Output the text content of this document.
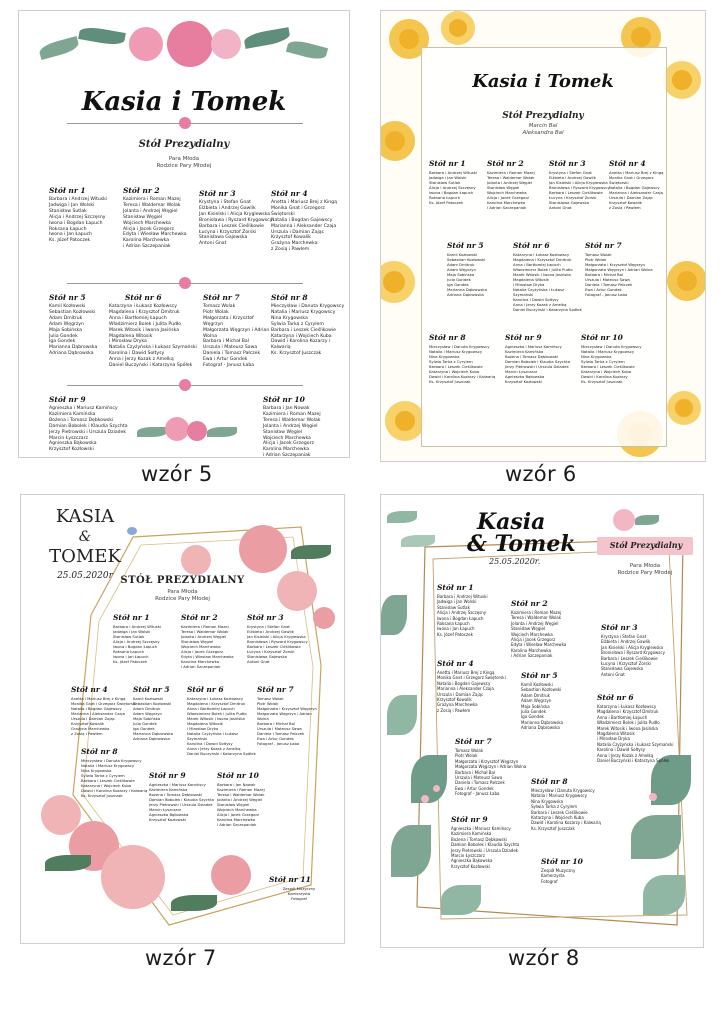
Kasia i Tomek
Stół Prezydialny
Para Młoda
Rodzice Pary Młodej
Stół nr 1
Barbara i Andrzej Wituski
Jadwiga i Jan Wolski
Stanisław Sutlak
Alicja i Andrzej Szczęsny
Iwona i Bogdan Łapuch
Roksana Łapuch
Iwona i Jan Łapuch
Ks. Józef Patoczek
Stół nr 2
Kazimiera i Roman Mazej
Teresa i Waldemar Wolak
Jolanta i Andrzej Węgiel
Stanisław Węgiel
Wojciech Marchewka
Alicja i Jacek Grzegorz
Edyta i Wiesław Marchewka
Karolina Marchewka
i Adrian Szczepaniak
Stół nr 3
Krystyna i Stefan Gnat
Elżbieta i Andrzej Gawlik
Jan Kisielski i Alicja Kryglewska
Bronisława i Ryszard Krygowscy
Barbara i Leszek Cieślikowie
Łucyna i Krzysztof Zorski
Stanisława Gajewska
Antoni Gnat
Stół nr 4
Anetta i Mariusz Brej z Kingą
Monika Gnat i Grzegorz Świętorski
Natalia i Bogdan Gajewscy
Marianna i Aleksander Czaja
Urszula i Damian Zając
Krzysztof Kowalik
Grażyna Marchewka
z Zosią i Pawłem
Stół nr 5
Kamil Kozłowski
Sebastian Kozłowski
Adam Dmitruk
Adam Węgrzyn
Maja Sobińska
Julia Gondek
Iga Gondek
Marianna Dąbrowska
Adriana Dąbrowska
Stół nr 6
Katarzyna i Łukasz Kozłowscy
Magdalena i Krzysztof Dmitruk
Anna i Bartłomiej Łapuch
Władzimierz Bolek i Julita Pudło
Marek Witosik i Iwona Jasińska
Magdalena Witosik
i Mirosław Dryka
Natalia Czyżyńska i Łukasz Szymański
Karolina i Dawid Sołtysy
Anna i Jerzy Kozak z Amelką
Daniel Buczyński i Katarzyna Spółek
Stół nr 7
Tomasz Wolak
Piotr Wolak
Małgorzata i Krzysztof Węgrzyn
Małgorzata Węgrzyn i Adrian Wolna
Barbara i Michał Bal
Urszula i Mateusz Sawa
Daniela i Tomasz Pałczek
Ewa i Artur Gondek
Fotograf - Janusz Łaba
Stół nr 8
Mieczysław i Danuta Krygowscy
Natalia i Mariusz Krygowscy
Nina Krygowska
Sylwia Tarka z Cyrylem
Barbara i Leszek Cieślikowie
Katarzyna i Wojciech Kuba
Dawid i Karolina Kozarzy i Kalwarią
Ks. Krzysztof Juszczak
Stół nr 9
Agnieszka i Mariusz Kamińscy
Kazimiera Kamińska
Bożena i Tomasz Dębkowski
Damian Bobolek i Klaudia Szychta
Jerzy Pietrowski i Urszula Dziadek
Marcin Łyszczarz
Agnieszka Bąkowska
Krzysztof Kozłowski
Stół nr 10
Barbara i Jan Nowak
Kazimiera i Roman Mazej
Teresa i Waldemar Wolak
Jolanta i Andrzej Węgiel
Stanisław Węgiel
Wojciech Marchewka
Alicja i Jacek Grzegorz
Karolina Marchewka
i Adrian Szczepaniak
wzór 5
Kasia i Tomek
Stół Prezydialny
Marcin Bal
Aleksandra Bal
Stół nr 1
Barbara i Andrzej Wituski
Jadwiga i Jan Wolski
Stanisław Sutlak
Alicja i Andrzej Szczęsny
Iwona i Bogdan Łapuch
Roksana Łapuch
Ks. Józef Patoczek
Stół nr 2
Kazimiera i Roman Mazej
Teresa i Waldemar Wolak
Jolanta i Andrzej Węgiel
Stanisław Węgiel
Wojciech Marchewka
Alicja i Jacek Grzegorz
Karolina Marchewka
i Adrian Szczepaniak
Stół nr 3
Krystyna i Stefan Gnat
Elżbieta i Andrzej Gawlik
Jan Kisielski i Alicja Kryglewska
Bronisława i Ryszard Krygowscy
Barbara i Leszek Cieślikowie
Łucyna i Krzysztof Zorski
Stanisława Gajewska
Antoni Gnat
Stół nr 4
Anetta i Mariusz Brej z Kingą
Monika Gnat i Grzegorz Świętorski
Natalia i Bogdan Gajewscy
Marianna i Aleksander Czaja
Urszula i Damian Zając
Krzysztof Kowalik
z Zosią i Pawłem
Stół nr 5
Kamil Kozłowski
Sebastian Kozłowski
Adam Dmitruk
Adam Węgrzyn
Maja Sobińska
Julia Gondek
Iga Gondek
Marianna Dąbrowska
Adriana Dąbrowska
Stół nr 6
Katarzyna i Łukasz Kozłowscy
Magdalena i Krzysztof Dmitruk
Anna i Bartłomiej Łapuch
Władzimierz Bolek i Julita Pudło
Marek Witosik i Iwona Jasińska
Magdalena Witosik
i Mirosław Dryka
Natalia Czyżyńska i Łukasz Szymański
Karolina i Dawid Sołtysy
Anna i Jerzy Kozak z Amelką
Daniel Buczyński i Katarzyna Spółek
Stół nr 7
Tomasz Wolak
Piotr Wolak
Małgorzata i Krzysztof Węgrzyn
Małgorzata Węgrzyn i Adrian Wolna
Barbara i Michał Bal
Urszula i Mateusz Sawa
Daniela i Tomasz Pałczek
Ewa i Artur Gondek
Fotograf - Janusz Łaba
Stół nr 8
Mieczysław i Danuta Krygowscy
Natalia i Mariusz Krygowscy
Nina Krygowska
Sylwia Tarka z Cyrylem
Barbara i Leszek Cieślikowie
Katarzyna i Wojciech Kuba
Dawid i Karolina Kozarzy i Kalwarią
Ks. Krzysztof Juszczak
Stół nr 9
Agnieszka i Mariusz Kamińscy
Kazimiera Kamińska
Bożena i Tomasz Dębkowski
Damian Bobolek i Klaudia Szychta
Jerzy Pietrowski i Urszula Dziadek
Marcin Łyszczarz
Agnieszka Bąkowska
Krzysztof Kozłowski
Stół nr 10
Mieczysław i Danuta Krygowscy
Natalia i Mariusz Krygowscy
Nina Krygowska
Sylwia Tarka z Cyrylem
Barbara i Leszek Cieślikowie
Katarzyna i Wojciech Kuba
Dawid i Karolina Kozarzy
Ks. Krzysztof Juszczak
wzór 6
KASIA
&
TOMEK
25.05.2020r STÓŁ PREZYDIALNY
Para Młoda
Rodzice Pary Młodej
Stół nr 1
Barbara i Andrzej Wituski
Jadwiga i Jan Wolski
Stanisław Sutlak
Alicja i Andrzej Szczęsny
Iwona i Bogdan Łapuch
Roksana Łapuch
Iwona i Jan Łapuch
Ks. Józef Patoczek
Stół nr 2
Kazimiera i Roman Mazej
Teresa i Waldemar Wolak
Jolanta i Andrzej Węgiel
Stanisław Węgiel
Wojciech Marchewka
Alicja i Jacek Grzegorz
Edyta i Wiesław Marchewka
Karolina Marchewka
i Adrian Szczepaniak
Stół nr 3
Krystyna i Stefan Gnat
Elżbieta i Andrzej Gawlik
Jan Kisielski i Alicja Kryglewska
Bronisława i Ryszard Krygowscy
Barbara i Leszek Cieślikowie
Łucyna i Krzysztof Zorski
Stanisława Gajewska
Antoni Gnat
Stół nr 4
Anetta i Mariusz Brej z Kingą
Monika Gnat i Grzegorz Świętorski
Natalia i Bogdan Gajewscy
Marianna i Aleksander Czaja
Urszula i Damian Zając
Krzysztof Kowalik
Grażyna Marchewka
z Zosią i Pawłem
Stół nr 5
Kamil Kozłowski
Sebastian Kozłowski
Adam Dmitruk
Adam Węgrzyn
Maja Sobińska
Julia Gondek
Iga Gondek
Marianna Dąbrowska
Adriana Dąbrowska
Stół nr 6
Katarzyna i Łukasz Kozłowscy
Magdalena i Krzysztof Dmitruk
Anna i Bartłomiej Łapuch
Władzimierz Bolek i Julita Pudło
Marek Witosik i Iwona Jasińska
Magdalena Witosik
i Mirosław Dryka
Natalia Czyżyńska i Łukasz Szymański
Karolina i Dawid Sołtysy
Anna i Jerzy Kozak z Amelką
Daniel Buczyński i Katarzyna Spółek
Stół nr 7
Tomasz Wolak
Piotr Wolak
Małgorzata i Krzysztof Węgrzyn
Małgorzata Węgrzyn i Adrian Wolna
Barbara i Michał Bal
Urszula i Mateusz Sawa
Daniela i Tomasz Pałczek
Ewa i Artur Gondek
Fotograf - Janusz Łaba
Stół nr 8
Mieczysław i Danuta Krygowscy
Natalia i Mariusz Krygowscy
Nina Krygowska
Sylwia Tarka z Cyrylem
Barbara i Leszek Cieślikowie
Katarzyna i Wojciech Kuba
Dawid i Karolina Kozarzy i Kalwarią
Ks. Krzysztof Juszczak
Stół nr 9
Agnieszka i Mariusz Kamińscy
Kazimiera Kamińska
Bożena i Tomasz Dębkowski
Damian Bobolek i Klaudia Szychta
Jerzy Pietrowski i Urszula Dziadek
Marcin Łyszczarz
Agnieszka Bąkowska
Krzysztof Kozłowski
Stół nr 10
Barbara i Jan Nowak
Kazimiera i Roman Mazej
Teresa i Waldemar Wolak
Jolanta i Andrzej Węgiel
Stanisław Węgiel
Wojciech Marchewka
Alicja i Jacek Grzegorz
Karolina Marchewka
i Adrian Szczepaniak
Stół nr 11
Zespół Muzyczny
Kamerzysta
Fotograf
wzór 7
Kasia
& Tomek
25.05.2020r.
Stół Prezydialny
Para Młoda
Rodzice Pary Młodej
Stół nr 1
Barbara i Andrzej Wituski
Jadwiga i Jan Wolski
Stanisław Sutlak
Alicja i Andrzej Szczęsny
Iwona i Bogdan Łapuch
Roksana Łapuch
Iwona i Jan Łapuch
Ks. Józef Patoczek
Stół nr 2
Kazimiera i Roman Mazej
Teresa i Waldemar Wolak
Jolanta i Andrzej Węgiel
Stanisław Węgiel
Wojciech Marchewka
Alicja i Jacek Grzegorz
Edyta i Wiesław Marchewka
Karolina Marchewka
i Adrian Szczepaniak
Stół nr 3
Krystyna i Stefan Gnat
Elżbieta i Andrzej Gawlik
Jan Kisielski i Alicja Kryglewska
Bronisława i Ryszard Krygowscy
Barbara i Leszek Cieślikowie
Łucyna i Krzysztof Zorski
Stanisława Gajewska
Antoni Gnat
Stół nr 4
Anetta i Mariusz Brej z Kingą
Monika Gnat i Grzegorz Świętorski
Natalia i Bogdan Gajewscy
Marianna i Aleksander Czaja
Urszula i Damian Zając
Krzysztof Kowalik
Grażyna Marchewka
z Zosią i Pawłem
Stół nr 5
Kamil Kozłowski
Sebastian Kozłowski
Adam Dmitruk
Adam Węgrzyn
Maja Sobińska
Julia Gondek
Iga Gondek
Marianna Dąbrowska
Adriana Dąbrowska
Stół nr 6
Katarzyna i Łukasz Kozłowscy
Magdalena i Krzysztof Dmitruk
Anna i Bartłomiej Łapuch
Władzimierz Bolek i Julita Pudło
Marek Witosik i Iwona Jasińska
Magdalena Witosik
i Mirosław Dryka
Natalia Czyżyńska i Łukasz Szymański
Karolina i Dawid Sołtysy
Anna i Jerzy Kozak z Amelką
Daniel Buczyński i Katarzyna Spółek
Stół nr 7
Tomasz Wolak
Piotr Wolak
Małgorzata i Krzysztof Węgrzyn
Małgorzata Węgrzyn i Adrian Wolna
Barbara i Michał Bal
Urszula i Mateusz Sawa
Daniela i Tomasz Pałczek
Ewa i Artur Gondek
Fotograf - Janusz Łaba
Stół nr 8
Mieczysław i Danuta Krygowscy
Natalia i Mariusz Krygowscy
Nina Krygowska
Sylwia Tarka z Cyrylem
Barbara i Leszek Cieślikowie
Katarzyna i Wojciech Kuba
Dawid i Karolina Kozarzy i Kalwarią
Ks. Krzysztof Juszczak
Stół nr 9
Agnieszka i Mariusz Kamińscy
Kazimiera Kamińska
Bożena i Tomasz Dębkowski
Damian Bobolek i Klaudia Szychta
Jerzy Pietrowski i Urszula Dziadek
Marcin Łyszczarz
Agnieszka Bąkowska
Krzysztof Kozłowski
Stół nr 10
Zespół Muzyczny
Kamerzysta
Fotograf
wzór 8
